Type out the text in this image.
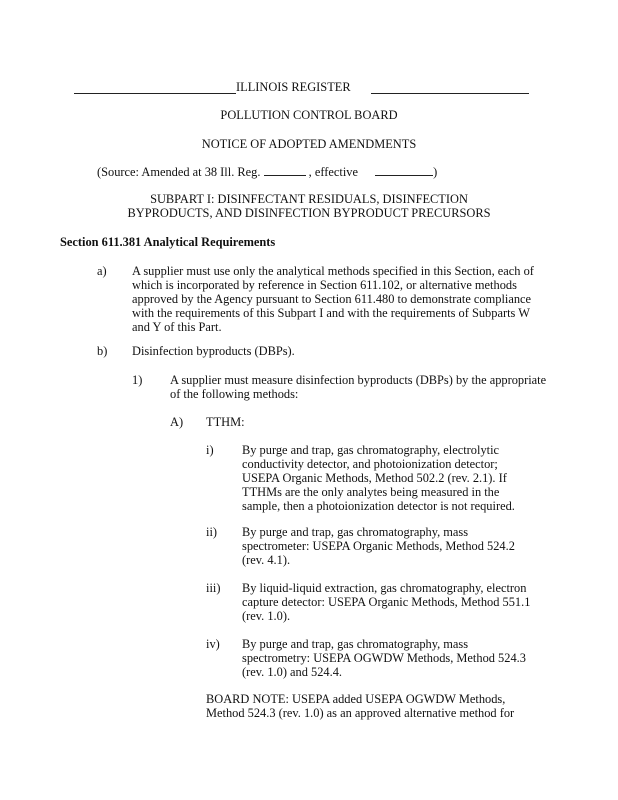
ILLINOIS REGISTER
POLLUTION CONTROL BOARD
NOTICE OF ADOPTED AMENDMENTS
(Source: Amended at 38 Ill. Reg.	, effective	)
SUBPART I: DISINFECTANT RESIDUALS, DISINFECTION
BYPRODUCTS, AND DISINFECTION BYPRODUCT PRECURSORS
Section 611.381 Analytical Requirements
a) A supplier must use only the analytical methods specified in this Section, each of
which is incorporated by reference in Section 611.102, or alternative methods
approved by the Agency pursuant to Section 611.480 to demonstrate compliance
with the requirements of this Subpart I and with the requirements of Subparts W
and Y of this Part.
b) Disinfection byproducts (DBPs).
1) A supplier must measure disinfection byproducts (DBPs) by the appropriate
of the following methods:
A) TTHM:
i) By purge and trap, gas chromatography, electrolytic
conductivity detector, and photoionization detector;
USEPA Organic Methods, Method 502.2 (rev. 2.1). If
TTHMs are the only analytes being measured in the
sample, then a photoionization detector is not required.
ii) By purge and trap, gas chromatography, mass
spectrometer: USEPA Organic Methods, Method 524.2
(rev. 4.1).
iii) By liquid-liquid extraction, gas chromatography, electron
capture detector: USEPA Organic Methods, Method 551.1
(rev. 1.0).
iv) By purge and trap, gas chromatography, mass
spectrometry: USEPA OGWDW Methods, Method 524.3
(rev. 1.0) and 524.4.
BOARD NOTE: USEPA added USEPA OGWDW Methods,
Method 524.3 (rev. 1.0) as an approved alternative method for
